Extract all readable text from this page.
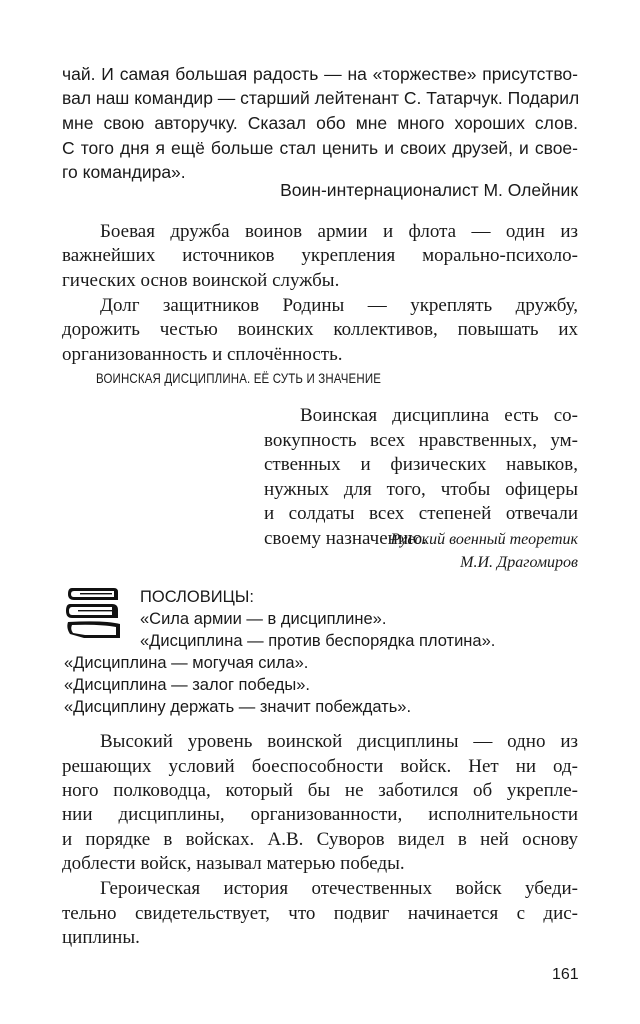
чай. И самая большая радость — на «торжестве» присутство-
вал наш командир — старший лейтенант С. Татарчук. Подарил
мне свою авторучку. Сказал обо мне много хороших слов.
С того дня я ещё больше стал ценить и своих друзей, и свое-
го командира».
Воин-интернационалист М. Олейник
Боевая дружба воинов армии и флота — один из
важнейших источников укрепления морально-психоло-
гических основ воинской службы.
Долг защитников Родины — укреплять дружбу,
дорожить честью воинских коллективов, повышать их
организованность и сплочённость.
ВОИНСКАЯ ДИСЦИПЛИНА. ЕЁ СУТЬ И ЗНАЧЕНИЕ
Воинская дисциплина есть со-
вокупность всех нравственных, ум-
ственных и физических навыков,
нужных для того, чтобы офицеры
и солдаты всех степеней отвечали
своему назначению.
Русский военный теоретик
М.И. Драгомиров
ПОСЛОВИЦЫ:
«Сила армии — в дисциплине».
«Дисциплина — против беспорядка плотина».
«Дисциплина — могучая сила».
«Дисциплина — залог победы».
«Дисциплину держать — значит побеждать».
Высокий уровень воинской дисциплины — одно из
решающих условий боеспособности войск. Нет ни од-
ного полководца, который бы не заботился об укрепле-
нии дисциплины, организованности, исполнительности
и порядке в войсках. А.В. Суворов видел в ней основу
доблести войск, называл матерью победы.
Героическая история отечественных войск убеди-
тельно свидетельствует, что подвиг начинается с дис-
циплины.
161
